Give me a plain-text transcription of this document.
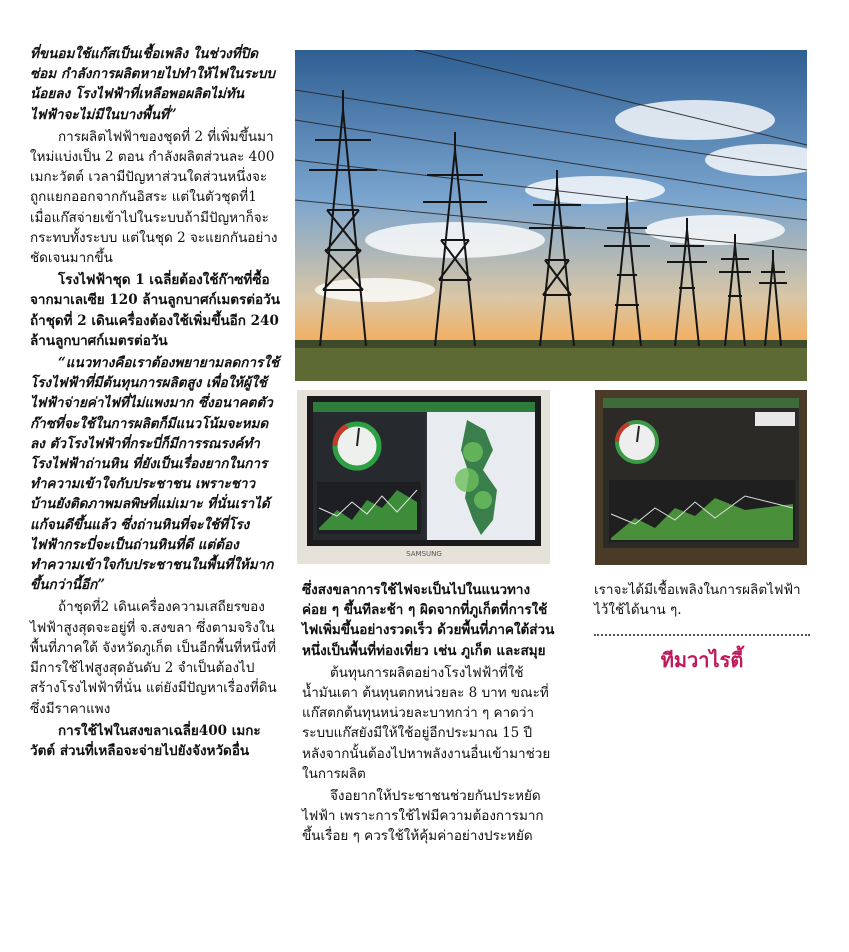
ที่ขนอมใช้แก๊สเป็นเชื้อเพลิง ในช่วงที่ปิดซ่อม กำลังการผลิตหายไปทำให้ไฟในระบบน้อยลง โรงไฟฟ้าที่เหลือพอผลิตไม่ทัน ไฟฟ้าจะไม่มีในบางพื้นที่”

การผลิตไฟฟ้าของชุดที่ 2 ที่เพิ่มขึ้นมาใหม่แบ่งเป็น 2 ตอน กำลังผลิตส่วนละ 400 เมกะวัตต์ เวลามีปัญหาส่วนใดส่วนหนึ่งจะถูกแยกออกจากกันอิสระ แต่ในตัวชุดที่1 เมื่อแก๊สจ่ายเข้าไปในระบบถ้ามีปัญหาก็จะกระทบทั้งระบบ แต่ในชุด 2 จะแยกกันอย่างชัดเจนมากขึ้น

โรงไฟฟ้าชุด 1 เฉลี่ยต้องใช้ก๊าซที่ซื้อจากมาเลเซีย 120 ล้านลูกบาศก์เมตรต่อวัน ถ้าชุดที่ 2 เดินเครื่องต้องใช้เพิ่มขึ้นอีก 240 ล้านลูกบาศก์เมตรต่อวัน

“แนวทางคือเราต้องพยายามลดการใช้โรงไฟฟ้าที่มีต้นทุนการผลิตสูง เพื่อให้ผู้ใช้ไฟฟ้าจ่ายค่าไฟที่ไม่แพงมาก ซึ่งอนาคตตัวก๊าซที่จะใช้ในการผลิตก็มีแนวโน้มจะหมดลง ตัวโรงไฟฟ้าที่กระบี่ก็มีการรณรงค์ทำโรงไฟฟ้าถ่านหิน ที่ยังเป็นเรื่องยากในการทำความเข้าใจกับประชาชน เพราะชาวบ้านยังติดภาพมลพิษที่แม่เมาะ ที่นั่นเราได้แก้จนดีขึ้นแล้ว ซึ่งถ่านหินที่จะใช้ที่โรงไฟฟ้ากระบี่จะเป็นถ่านหินที่ดี แต่ต้องทำความเข้าใจกับประชาชนในพื้นที่ให้มากขึ้นกว่านี้อีก”

ถ้าชุดที่2 เดินเครื่องความเสถียรของไฟฟ้าสูงสุดจะอยู่ที่ จ.สงขลา ซึ่งตามจริงในพื้นที่ภาคใต้ จังหวัดภูเก็ต เป็นอีกพื้นที่หนึ่งที่มีการใช้ไฟสูงสุดอันดับ 2 จำเป็นต้องไปสร้างโรงไฟฟ้าที่นั่น แต่ยังมีปัญหาเรื่องที่ดินซึ่งมีราคาแพง

การใช้ไฟในสงขลาเฉลี่ย400 เมกะวัตต์ ส่วนที่เหลือจะจ่ายไปยังจังหวัดอื่น

SAMSUNG

ซึ่งสงขลาการใช้ไฟจะเป็นไปในแนวทางค่อย ๆ ขึ้นทีละช้า ๆ ผิดจากที่ภูเก็ตที่การใช้ไฟเพิ่มขึ้นอย่างรวดเร็ว ด้วยพื้นที่ภาคใต้ส่วนหนึ่งเป็นพื้นที่ท่องเที่ยว เช่น ภูเก็ต และสมุย

ต้นทุนการผลิตอย่างโรงไฟฟ้าที่ใช้น้ำมันเตา ต้นทุนตกหน่วยละ 8 บาท ขณะที่แก๊สตกต้นทุนหน่วยละบาทกว่า ๆ คาดว่าระบบแก๊สยังมีให้ใช้อยู่อีกประมาณ 15 ปี หลังจากนั้นต้องไปหาพลังงานอื่นเข้ามาช่วยในการผลิต

จึงอยากให้ประชาชนช่วยกันประหยัดไฟฟ้า เพราะการใช้ไฟมีความต้องการมากขึ้นเรื่อย ๆ ควรใช้ให้คุ้มค่าอย่างประหยัด

เราจะได้มีเชื้อเพลิงในการผลิตไฟฟ้าไว้ใช้ได้นาน ๆ.

ทีมวาไรตี้
